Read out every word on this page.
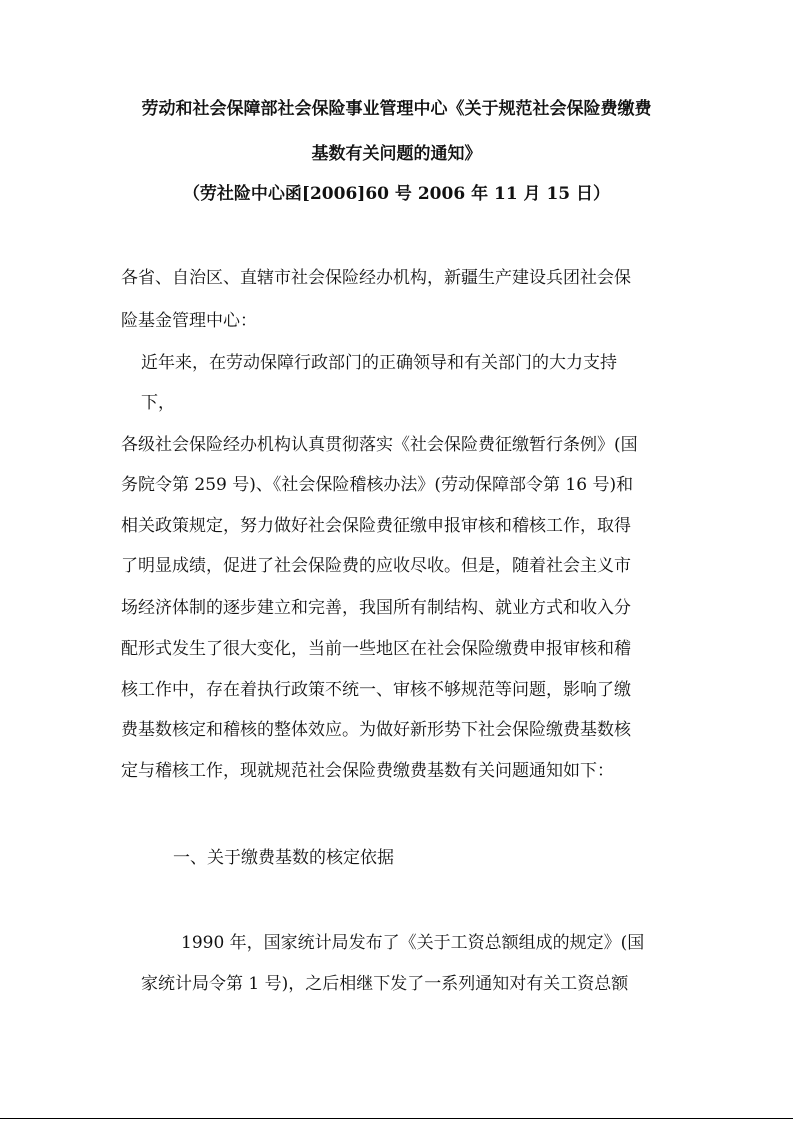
劳动和社会保障部社会保险事业管理中心《关于规范社会保险费缴费
基数有关问题的通知》
（劳社险中心函[2006]60 号 2006 年 11 月 15 日）
各省、自治区、直辖市社会保险经办机构，新疆生产建设兵团社会保
险基金管理中心：
近年来，在劳动保障行政部门的正确领导和有关部门的大力支持
下，
各级社会保险经办机构认真贯彻落实《社会保险费征缴暂行条例》(国
务院令第 259 号)、《社会保险稽核办法》(劳动保障部令第 16 号)和
相关政策规定，努力做好社会保险费征缴申报审核和稽核工作，取得
了明显成绩，促进了社会保险费的应收尽收。但是，随着社会主义市
场经济体制的逐步建立和完善，我国所有制结构、就业方式和收入分
配形式发生了很大变化，当前一些地区在社会保险缴费申报审核和稽
核工作中，存在着执行政策不统一、审核不够规范等问题，影响了缴
费基数核定和稽核的整体效应。为做好新形势下社会保险缴费基数核
定与稽核工作，现就规范社会保险费缴费基数有关问题通知如下：
一、关于缴费基数的核定依据
1990 年，国家统计局发布了《关于工资总额组成的规定》(国
家统计局令第 1 号)，之后相继下发了一系列通知对有关工资总额
